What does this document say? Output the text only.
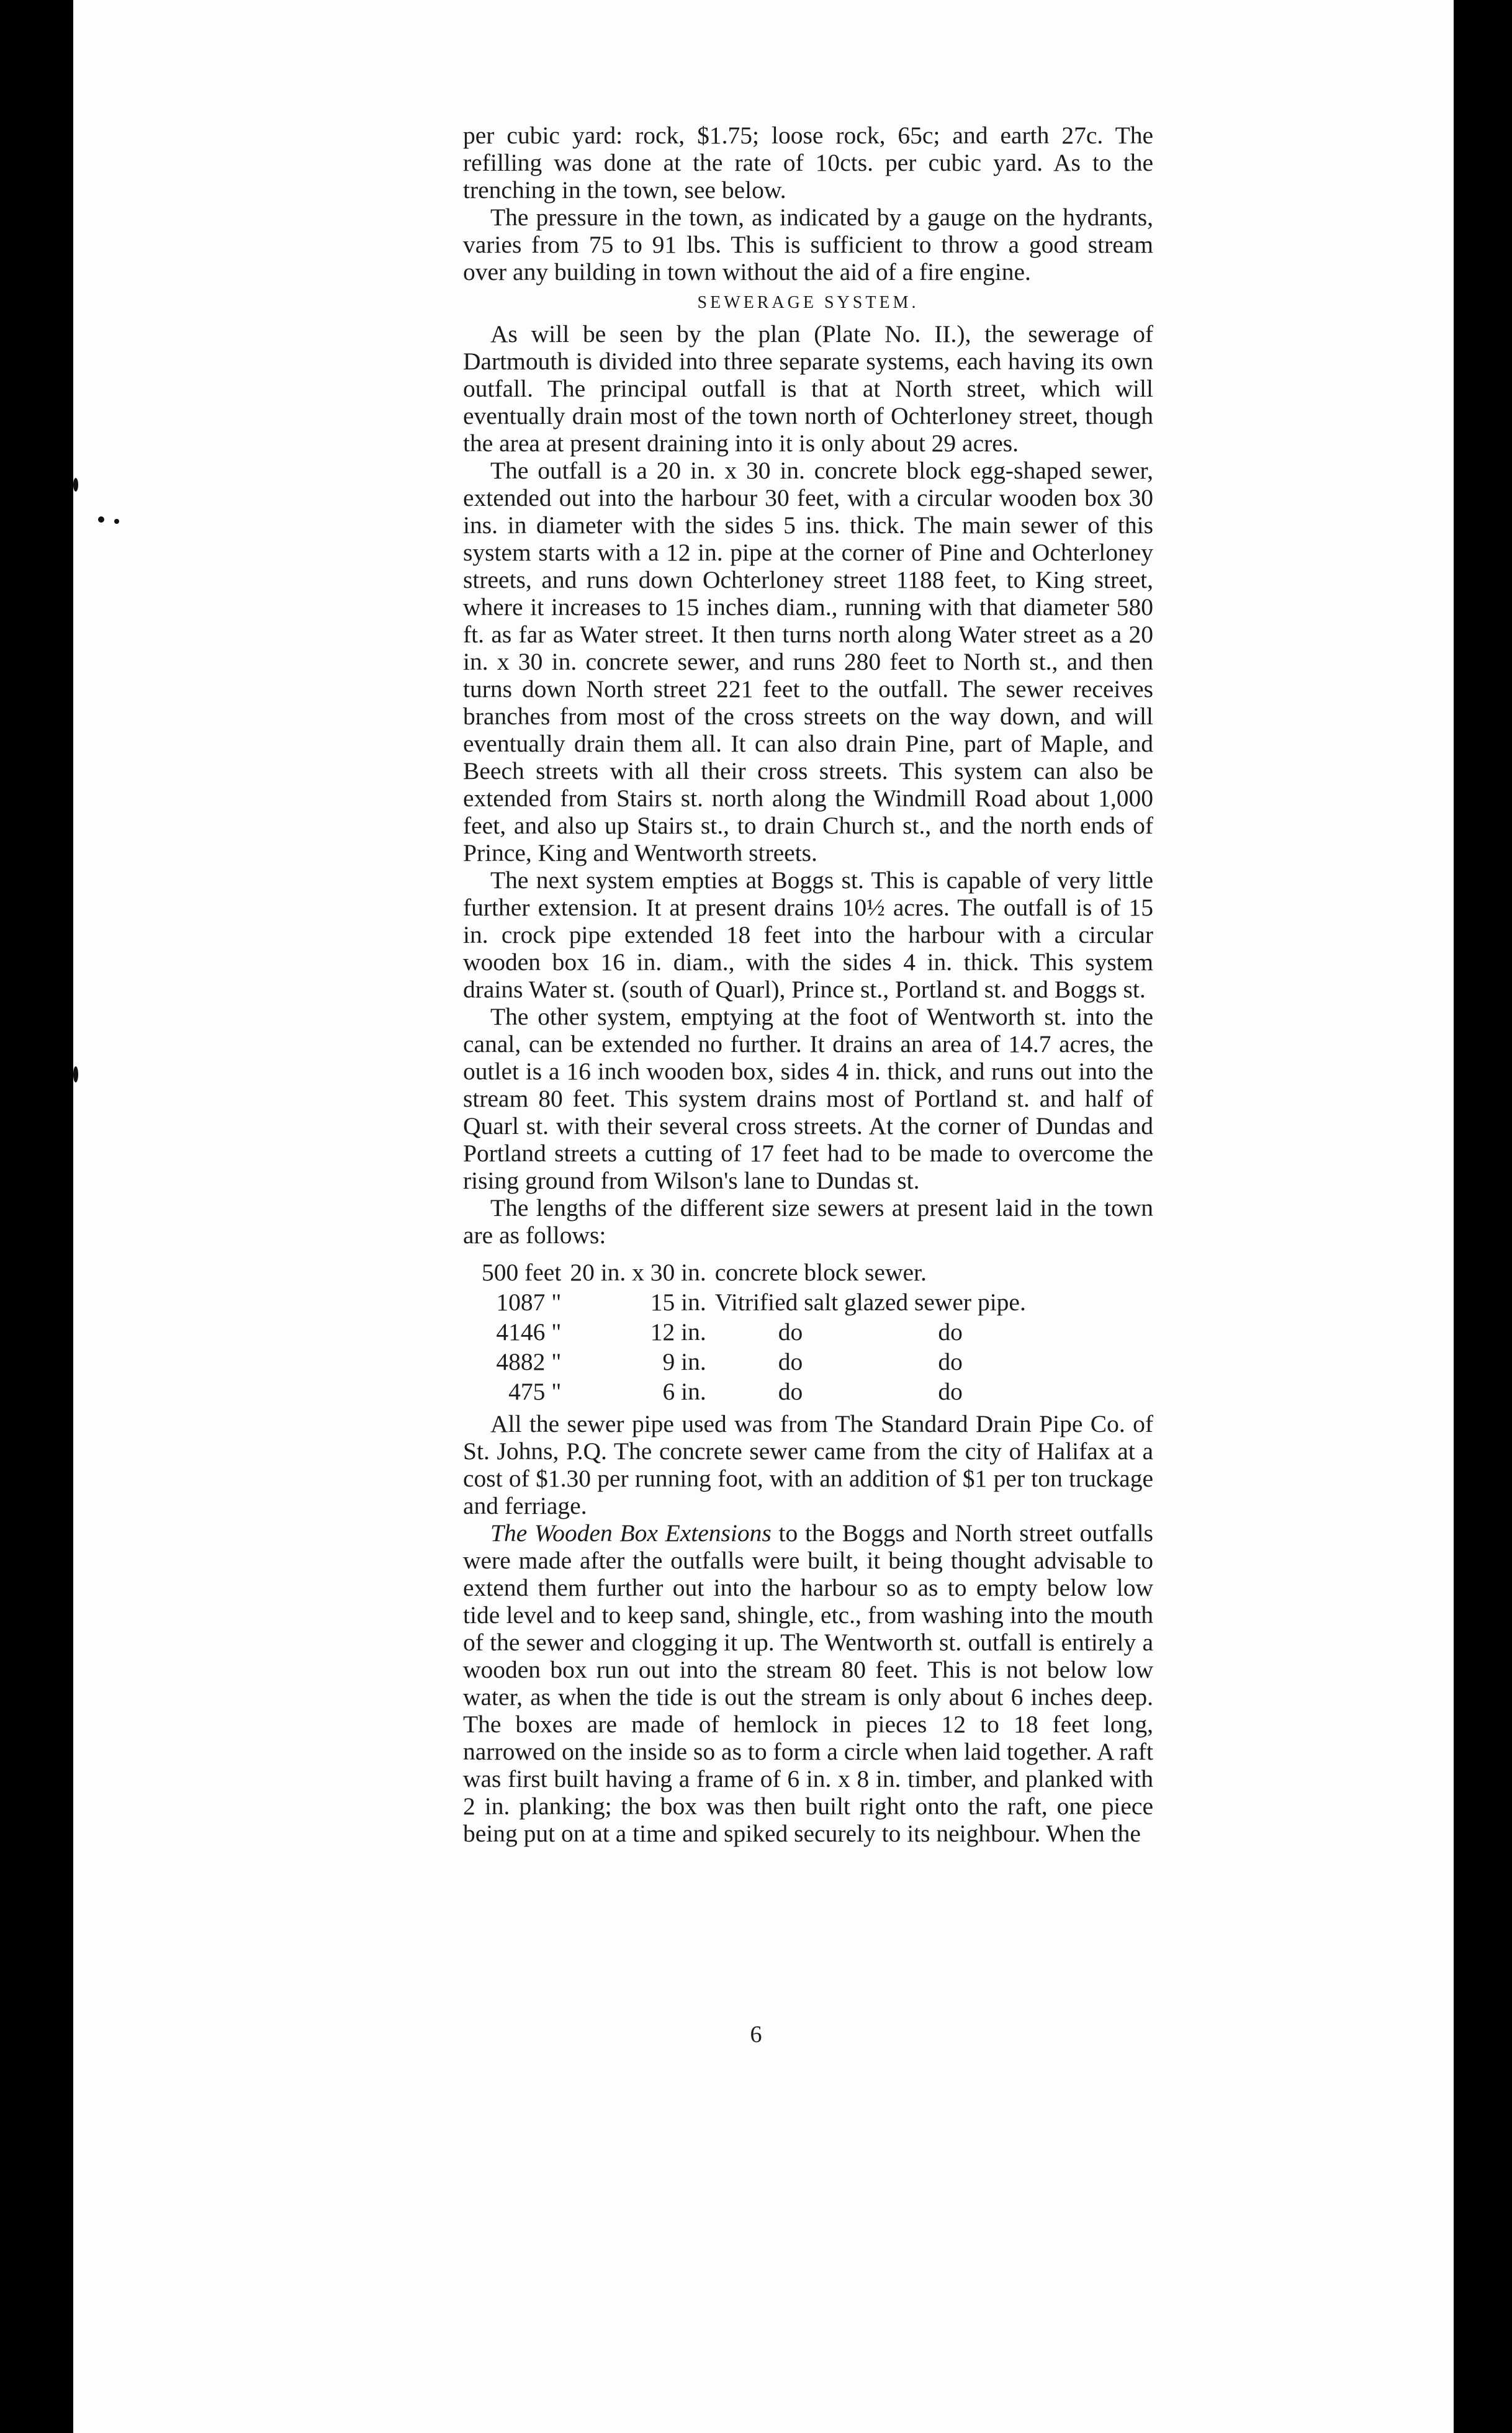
per cubic yard: rock, $1.75; loose rock, 65c; and earth 27c. The refilling was done at the rate of 10cts. per cubic yard. As to the trenching in the town, see below.

The pressure in the town, as indicated by a gauge on the hydrants, varies from 75 to 91 lbs. This is sufficient to throw a good stream over any building in town without the aid of a fire engine.

SEWERAGE SYSTEM.

As will be seen by the plan (Plate No. II.), the sewerage of Dartmouth is divided into three separate systems, each having its own outfall. The principal outfall is that at North street, which will eventually drain most of the town north of Ochterloney street, though the area at present draining into it is only about 29 acres.

The outfall is a 20 in. x 30 in. concrete block egg-shaped sewer, extended out into the harbour 30 feet, with a circular wooden box 30 ins. in diameter with the sides 5 ins. thick. The main sewer of this system starts with a 12 in. pipe at the corner of Pine and Ochterloney streets, and runs down Ochterloney street 1188 feet, to King street, where it increases to 15 inches diam., running with that diameter 580 ft. as far as Water street. It then turns north along Water street as a 20 in. x 30 in. concrete sewer, and runs 280 feet to North st., and then turns down North street 221 feet to the outfall. The sewer receives branches from most of the cross streets on the way down, and will eventually drain them all. It can also drain Pine, part of Maple, and Beech streets with all their cross streets. This system can also be extended from Stairs st. north along the Windmill Road about 1,000 feet, and also up Stairs st., to drain Church st., and the north ends of Prince, King and Wentworth streets.

The next system empties at Boggs st. This is capable of very little further extension. It at present drains 10½ acres. The outfall is of 15 in. crock pipe extended 18 feet into the harbour with a circular wooden box 16 in. diam., with the sides 4 in. thick. This system drains Water st. (south of Quarl), Prince st., Portland st. and Boggs st.

The other system, emptying at the foot of Wentworth st. into the canal, can be extended no further. It drains an area of 14.7 acres, the outlet is a 16 inch wooden box, sides 4 in. thick, and runs out into the stream 80 feet. This system drains most of Portland st. and half of Quarl st. with their several cross streets. At the corner of Dundas and Portland streets a cutting of 17 feet had to be made to overcome the rising ground from Wilson's lane to Dundas st.

The lengths of the different size sewers at present laid in the town are as follows:

500 feet	20 in. x 30 in.	concrete block sewer.	
1087 "	15 in.	Vitrified salt glazed sewer pipe.	
4146 "	12 in.	do	do
4882 "	9 in.	do	do
475 "	6 in.	do	do

All the sewer pipe used was from The Standard Drain Pipe Co. of St. Johns, P.Q. The concrete sewer came from the city of Halifax at a cost of $1.30 per running foot, with an addition of $1 per ton truckage and ferriage.

The Wooden Box Extensions to the Boggs and North street outfalls were made after the outfalls were built, it being thought advisable to extend them further out into the harbour so as to empty below low tide level and to keep sand, shingle, etc., from washing into the mouth of the sewer and clogging it up. The Wentworth st. outfall is entirely a wooden box run out into the stream 80 feet. This is not below low water, as when the tide is out the stream is only about 6 inches deep. The boxes are made of hemlock in pieces 12 to 18 feet long, narrowed on the inside so as to form a circle when laid together. A raft was first built having a frame of 6 in. x 8 in. timber, and planked with 2 in. planking; the box was then built right onto the raft, one piece being put on at a time and spiked securely to its neighbour. When the

6
